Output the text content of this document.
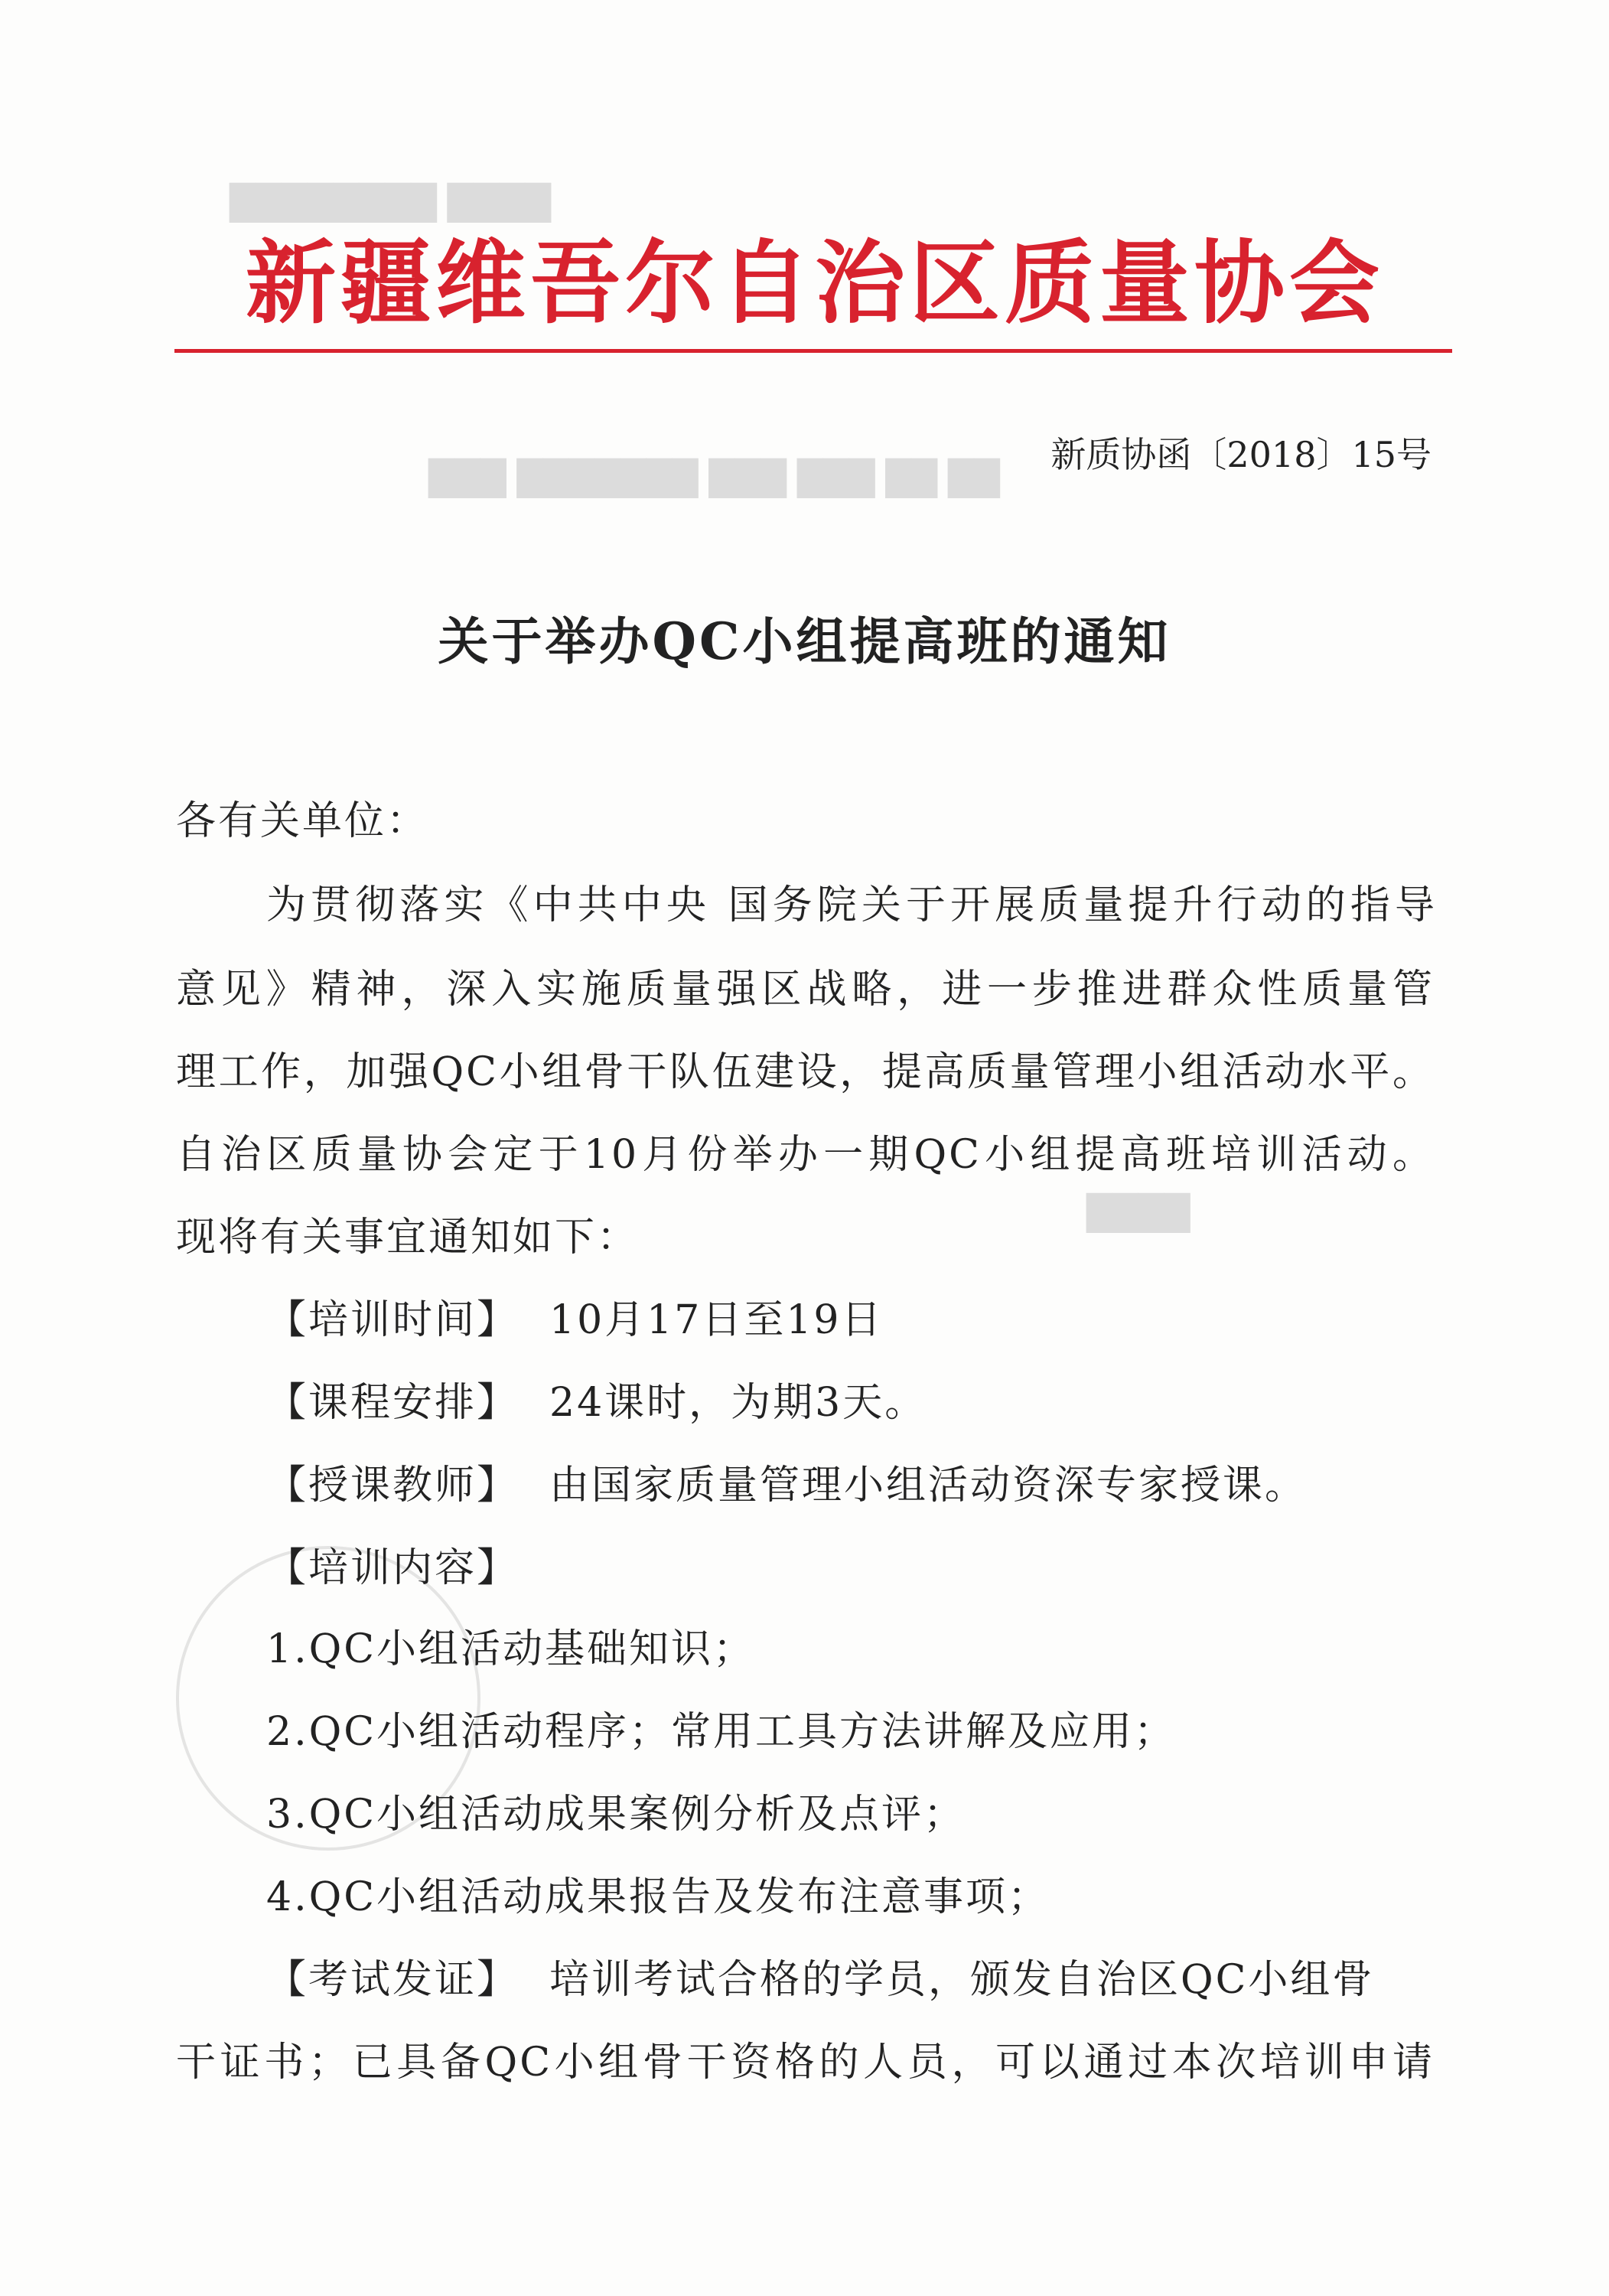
████ ████████
██ ██ ███ ███ ███████ ███
████
新疆维吾尔自治区质量协会
新质协函〔2018〕15号
关于举办QC小组提高班的通知
各有关单位：
为贯彻落实《中共中央 国务院关于开展质量提升行动的指导
意见》精神，深入实施质量强区战略，进一步推进群众性质量管
理工作，加强QC小组骨干队伍建设，提高质量管理小组活动水平。
自治区质量协会定于10月份举办一期QC小组提高班培训活动。
现将有关事宜通知如下：
【培训时间】 10月17日至19日
【课程安排】 24课时，为期3天。
【授课教师】 由国家质量管理小组活动资深专家授课。
【培训内容】
1.QC小组活动基础知识；
2.QC小组活动程序；常用工具方法讲解及应用；
3.QC小组活动成果案例分析及点评；
4.QC小组活动成果报告及发布注意事项；
【考试发证】 培训考试合格的学员，颁发自治区QC小组骨
干证书；已具备QC小组骨干资格的人员，可以通过本次培训申请
